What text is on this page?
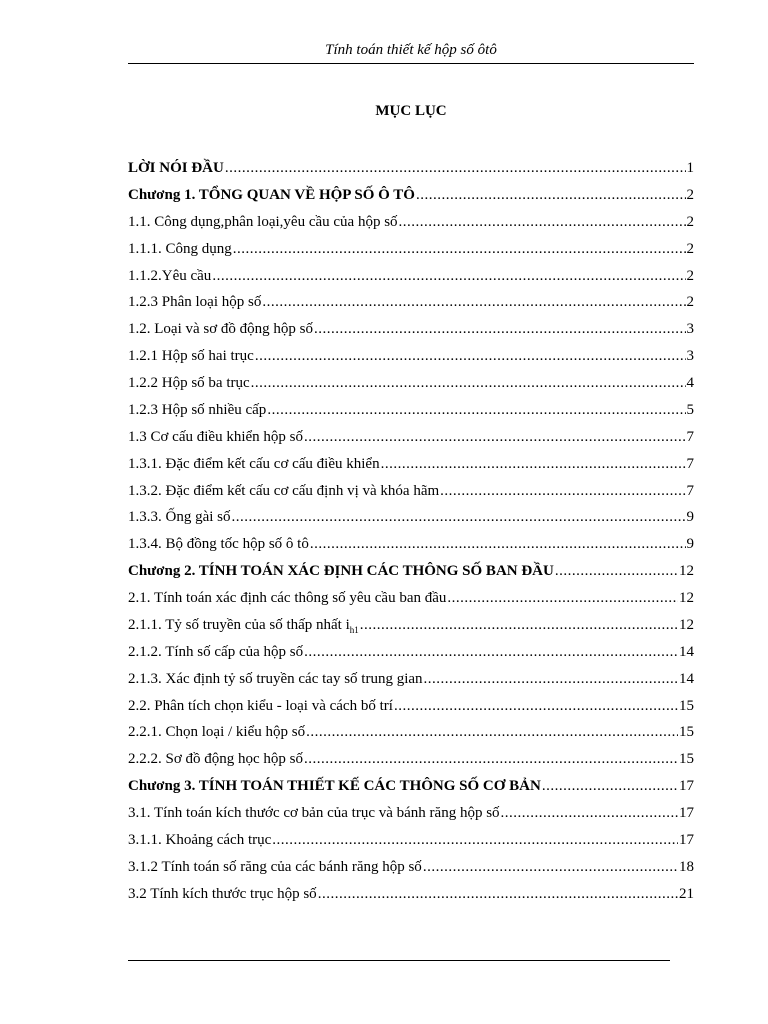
Tính toán thiết kế hộp số ôtô
MỤC LỤC
LỜI NÓI ĐẦU .....	1
Chương 1. TỔNG QUAN VỀ HỘP SỐ Ô TÔ .....	2
1.1. Công dụng,phân loại,yêu cầu của hộp số .....	2
1.1.1. Công dụng .....	2
1.1.2.Yêu cầu .....	2
1.2.3 Phân loại hộp số .....	2
1.2. Loại và sơ đồ động hộp số .....	3
1.2.1 Hộp số hai trục .....	3
1.2.2 Hộp số ba trục .....	4
1.2.3 Hộp số nhiều cấp .....	5
1.3 Cơ cấu điều khiển hộp số .....	7
1.3.1. Đặc điểm kết cấu cơ cấu điều khiển .....	7
1.3.2. Đặc điểm kết cấu cơ cấu định vị và khóa hãm .....	7
1.3.3. Ống gài số .....	9
1.3.4. Bộ đồng tốc hộp số ô tô .....	9
Chương 2. TÍNH TOÁN XÁC ĐỊNH CÁC THÔNG SỐ BAN ĐẦU .....	12
2.1. Tính toán xác định các thông số yêu cầu ban đầu .....	12
2.1.1. Tỷ số truyền của số thấp nhất $i_{h1}$ .....	12
2.1.2. Tính số cấp của hộp số .....	14
2.1.3. Xác định tỷ số truyền các tay số trung gian .....	14
2.2. Phân tích chọn kiểu - loại và cách bố trí .....	15
2.2.1. Chọn loại / kiểu hộp số .....	15
2.2.2. Sơ đồ động học hộp số .....	15
Chương 3. TÍNH TOÁN THIẾT KẾ CÁC THÔNG SỐ CƠ BẢN .....	17
3.1. Tính toán kích thước cơ bản của trục và bánh răng hộp số .....	17
3.1.1. Khoảng cách trục .....	17
3.1.2 Tính toán số răng của các bánh răng hộp số .....	18
3.2 Tính kích thước trục hộp số .....	21
